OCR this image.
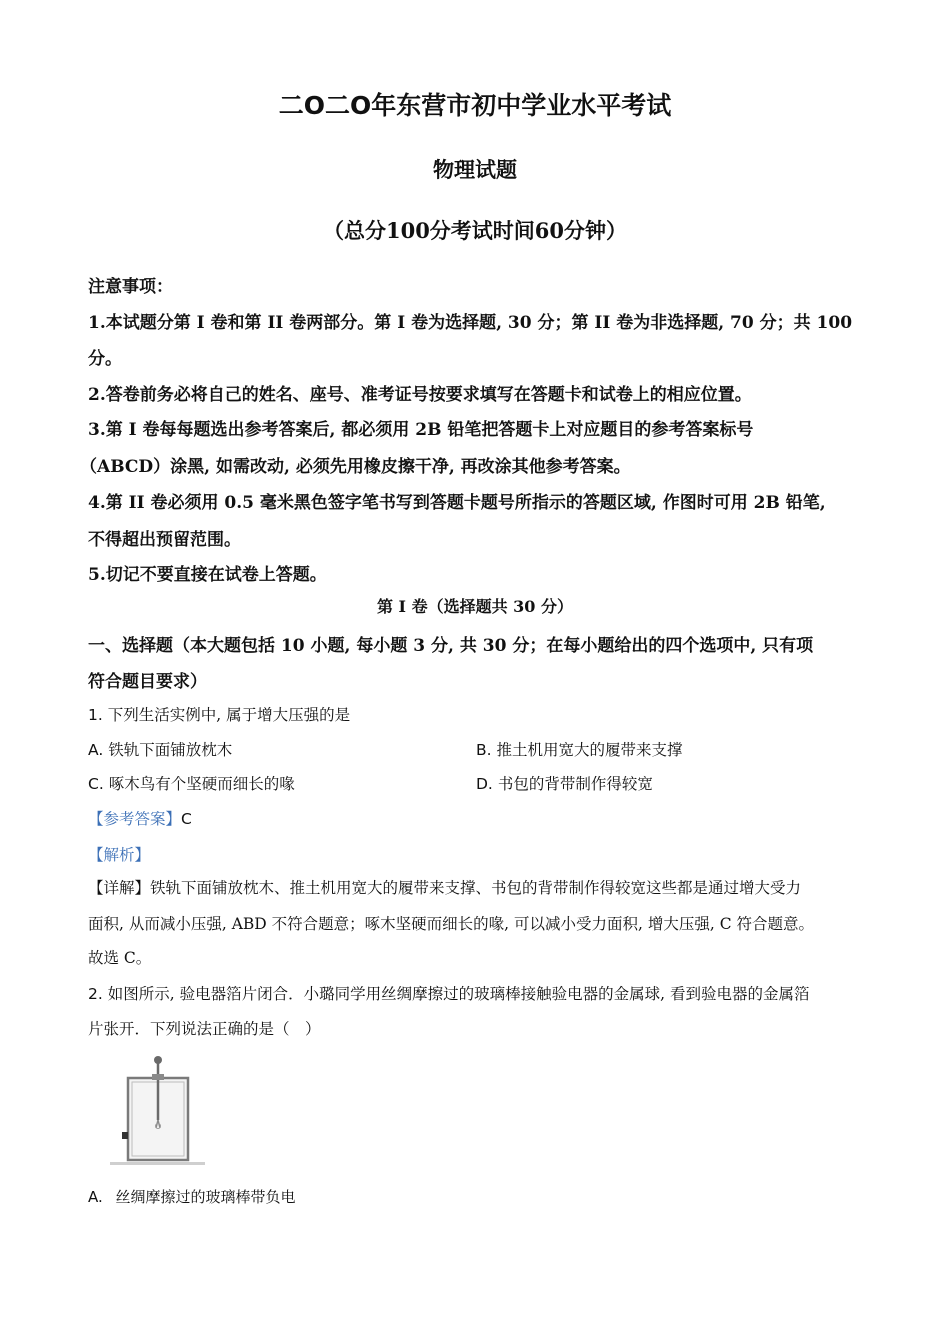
二O二O年东营市初中学业水平考试
物理试题
（总分100分考试时间60分钟）
注意事项：
1.本试题分第 I 卷和第 II 卷两部分。第 I 卷为选择题, 30 分；第 II 卷为非选择题, 70 分；共 100
分。
2.答卷前务必将自己的姓名、座号、准考证号按要求填写在答题卡和试卷上的相应位置。
3.第 I 卷每每题选出参考答案后, 都必须用 2B 铅笔把答题卡上对应题目的参考答案标号
（ABCD）涂黑, 如需改动, 必须先用橡皮擦干净, 再改涂其他参考答案。
4.第 II 卷必须用 0.5 毫米黑色签字笔书写到答题卡题号所指示的答题区域, 作图时可用 2B 铅笔,
不得超出预留范围。
5.切记不要直接在试卷上答题。
第 I 卷（选择题共 30 分）
一、选择题（本大题包括 10 小题, 每小题 3 分, 共 30 分；在每小题给出的四个选项中, 只有项
符合题目要求）
1. 下列生活实例中, 属于增大压强的是
A. 铁轨下面铺放枕木	B. 推土机用宽大的履带来支撑
C. 啄木鸟有个坚硬而细长的喙	D. 书包的背带制作得较宽
【参考答案】C
【解析】
【详解】铁轨下面铺放枕木、推土机用宽大的履带来支撑、书包的背带制作得较宽这些都是通过增大受力
面积, 从而减小压强, ABD 不符合题意；啄木坚硬而细长的喙, 可以减小受力面积, 增大压强, C 符合题意。
故选 C。
2. 如图所示, 验电器箔片闭合．小璐同学用丝绸摩擦过的玻璃棒接触验电器的金属球, 看到验电器的金属箔
片张开．下列说法正确的是（　）
A. 丝绸摩擦过的玻璃棒带负电
